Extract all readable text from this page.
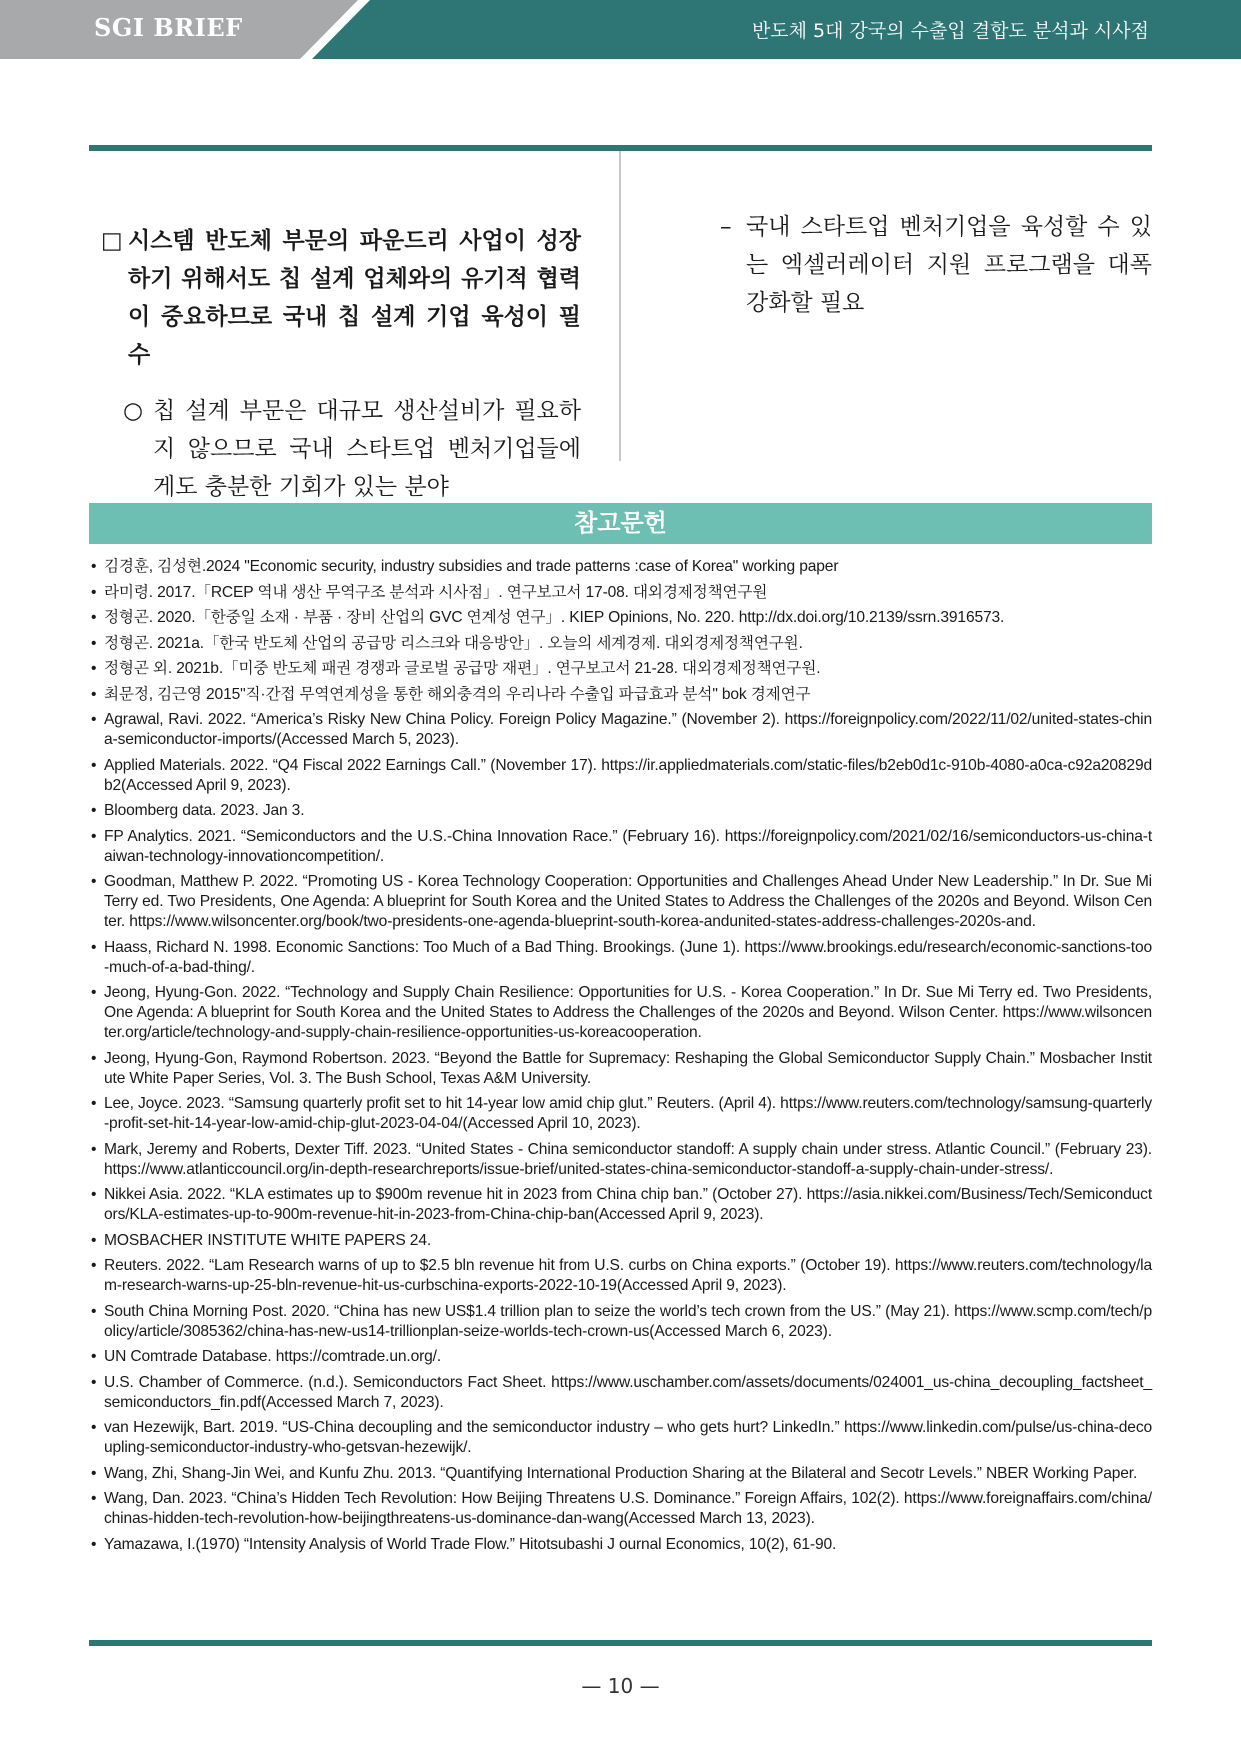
SGI BRIEF	반도체 5대 강국의 수출입 결합도 분석과 시사점
□ 시스템 반도체 부문의 파운드리 사업이 성장하기 위해서도 칩 설계 업체와의 유기적 협력이 중요하므로 국내 칩 설계 기업 육성이 필수
○ 칩 설계 부문은 대규모 생산설비가 필요하지 않으므로 국내 스타트업 벤처기업들에게도 충분한 기회가 있는 분야
– 국내 스타트업 벤처기업을 육성할 수 있는 엑셀러레이터 지원 프로그램을 대폭 강화할 필요
참고문헌
• 김경훈, 김성현.2024 "Economic security, industry subsidies and trade patterns :case of Korea" working paper
• 라미령. 2017.「RCEP 역내 생산 무역구조 분석과 시사점」. 연구보고서 17-08. 대외경제정책연구원
• 정형곤. 2020.「한중일 소재 · 부품 · 장비 산업의 GVC 연계성 연구」. KIEP Opinions, No. 220. http://dx.doi.org/10.2139/ssrn.3916573.
• 정형곤. 2021a.「한국 반도체 산업의 공급망 리스크와 대응방안」. 오늘의 세계경제. 대외경제정책연구원.
• 정형곤 외. 2021b.「미중 반도체 패권 경쟁과 글로벌 공급망 재편」. 연구보고서 21-28. 대외경제정책연구원.
• 최문정, 김근영 2015"직·간접 무역연계성을 통한 해외충격의 우리나라 수출입 파급효과 분석" bok 경제연구
• Agrawal, Ravi. 2022. “America’s Risky New China Policy. Foreign Policy Magazine.” (November 2). https://foreignpolicy.com/2022/11/02/united-states-china-semiconductor-imports/(Accessed March 5, 2023).
• Applied Materials. 2022. “Q4 Fiscal 2022 Earnings Call.” (November 17). https://ir.appliedmaterials.com/static-files/b2eb0d1c-910b-4080-a0ca-c92a20829db2(Accessed April 9, 2023).
• Bloomberg data. 2023. Jan 3.
• FP Analytics. 2021. “Semiconductors and the U.S.-China Innovation Race.” (February 16). https://foreignpolicy.com/2021/02/16/semiconductors-us-china-taiwan-technology-innovationcompetition/.
• Goodman, Matthew P. 2022. “Promoting US - Korea Technology Cooperation: Opportunities and Challenges Ahead Under New Leadership.” In Dr. Sue Mi Terry ed. Two Presidents, One Agenda: A blueprint for South Korea and the United States to Address the Challenges of the 2020s and Beyond. Wilson Center. https://www.wilsoncenter.org/book/two-presidents-one-agenda-blueprint-south-korea-andunited-states-address-challenges-2020s-and.
• Haass, Richard N. 1998. Economic Sanctions: Too Much of a Bad Thing. Brookings. (June 1). https://www.brookings.edu/research/economic-sanctions-too-much-of-a-bad-thing/.
• Jeong, Hyung-Gon. 2022. “Technology and Supply Chain Resilience: Opportunities for U.S. - Korea Cooperation.” In Dr. Sue Mi Terry ed. Two Presidents, One Agenda: A blueprint for South Korea and the United States to Address the Challenges of the 2020s and Beyond. Wilson Center. https://www.wilsoncenter.org/article/technology-and-supply-chain-resilience-opportunities-us-koreacooperation.
• Jeong, Hyung-Gon, Raymond Robertson. 2023. “Beyond the Battle for Supremacy: Reshaping the Global Semiconductor Supply Chain.” Mosbacher Institute White Paper Series, Vol. 3. The Bush School, Texas A&M University.
• Lee, Joyce. 2023. “Samsung quarterly profit set to hit 14-year low amid chip glut.” Reuters. (April 4). https://www.reuters.com/technology/samsung-quarterly-profit-set-hit-14-year-low-amid-chip-glut-2023-04-04/(Accessed April 10, 2023).
• Mark, Jeremy and Roberts, Dexter Tiff. 2023. “United States - China semiconductor standoff: A supply chain under stress. Atlantic Council.” (February 23). https://www.atlanticcouncil.org/in-depth-researchreports/issue-brief/united-states-china-semiconductor-standoff-a-supply-chain-under-stress/.
• Nikkei Asia. 2022. “KLA estimates up to $900m revenue hit in 2023 from China chip ban.” (October 27). https://asia.nikkei.com/Business/Tech/Semiconductors/KLA-estimates-up-to-900m-revenue-hit-in-2023-from-China-chip-ban(Accessed April 9, 2023).
• MOSBACHER INSTITUTE WHITE PAPERS 24.
• Reuters. 2022. “Lam Research warns of up to $2.5 bln revenue hit from U.S. curbs on China exports.” (October 19). https://www.reuters.com/technology/lam-research-warns-up-25-bln-revenue-hit-us-curbschina-exports-2022-10-19(Accessed April 9, 2023).
• South China Morning Post. 2020. “China has new US$1.4 trillion plan to seize the world’s tech crown from the US.” (May 21). https://www.scmp.com/tech/policy/article/3085362/china-has-new-us14-trillionplan-seize-worlds-tech-crown-us(Accessed March 6, 2023).
• UN Comtrade Database. https://comtrade.un.org/.
• U.S. Chamber of Commerce. (n.d.). Semiconductors Fact Sheet. https://www.uschamber.com/assets/documents/024001_us-china_decoupling_factsheet_semiconductors_fin.pdf(Accessed March 7, 2023).
• van Hezewijk, Bart. 2019. “US-China decoupling and the semiconductor industry – who gets hurt? LinkedIn.” https://www.linkedin.com/pulse/us-china-decoupling-semiconductor-industry-who-getsvan-hezewijk/.
• Wang, Zhi, Shang-Jin Wei, and Kunfu Zhu. 2013. “Quantifying International Production Sharing at the Bilateral and Secotr Levels.” NBER Working Paper.
• Wang, Dan. 2023. “China’s Hidden Tech Revolution: How Beijing Threatens U.S. Dominance.” Foreign Affairs, 102(2). https://www.foreignaffairs.com/china/chinas-hidden-tech-revolution-how-beijingthreatens-us-dominance-dan-wang(Accessed March 13, 2023).
• Yamazawa, I.(1970) “Intensity Analysis of World Trade Flow.” Hitotsubashi J ournal Economics, 10(2), 61-90.
— 10 —
